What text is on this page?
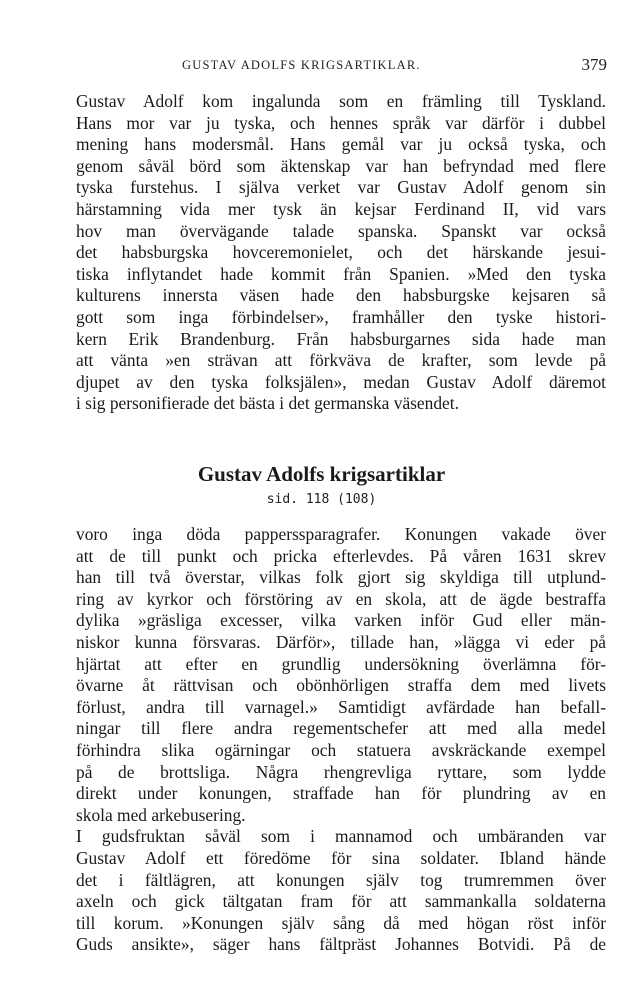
GUSTAV ADOLFS KRIGSARTIKLAR.	379
Gustav Adolf kom ingalunda som en främling till Tyskland.
Hans mor var ju tyska, och hennes språk var därför i dubbel
mening hans modersmål. Hans gemål var ju också tyska, och
genom såväl börd som äktenskap var han befryndad med flere
tyska furstehus. I själva verket var Gustav Adolf genom sin
härstamning vida mer tysk än kejsar Ferdinand II, vid vars
hov man övervägande talade spanska. Spanskt var också
det habsburgska hovceremonielet, och det härskande jesui-
tiska inflytandet hade kommit från Spanien. »Med den tyska
kulturens innersta väsen hade den habsburgske kejsaren så
gott som inga förbindelser», framhåller den tyske histori-
kern Erik Brandenburg. Från habsburgarnes sida hade man
att vänta »en strävan att förkväva de krafter, som levde på
djupet av den tyska folksjälen», medan Gustav Adolf däremot
i sig personifierade det bästa i det germanska väsendet.
Gustav Adolfs krigsartiklar
sid. 118 (108)
voro inga döda papperssparagrafer. Konungen vakade över
att de till punkt och pricka efterlevdes. På våren 1631 skrev
han till två överstar, vilkas folk gjort sig skyldiga till utplund-
ring av kyrkor och förstöring av en skola, att de ägde bestraffa
dylika »gräsliga excesser, vilka varken inför Gud eller män-
niskor kunna försvaras. Därför», tillade han, »lägga vi eder på
hjärtat att efter en grundlig undersökning överlämna för-
övarne åt rättvisan och obönhörligen straffa dem med livets
förlust, andra till varnagel.» Samtidigt avfärdade han befall-
ningar till flere andra regementschefer att med alla medel
förhindra slika ogärningar och statuera avskräckande exempel
på de brottsliga. Några rhengrevliga ryttare, som lydde
direkt under konungen, straffade han för plundring av en
skola med arkebusering.
I gudsfruktan såväl som i mannamod och umbäranden var
Gustav Adolf ett föredöme för sina soldater. Ibland hände
det i fältlägren, att konungen själv tog trumremmen över
axeln och gick tältgatan fram för att sammankalla soldaterna
till korum. »Konungen själv sång då med högan röst inför
Guds ansikte», säger hans fältpräst Johannes Botvidi. På de
